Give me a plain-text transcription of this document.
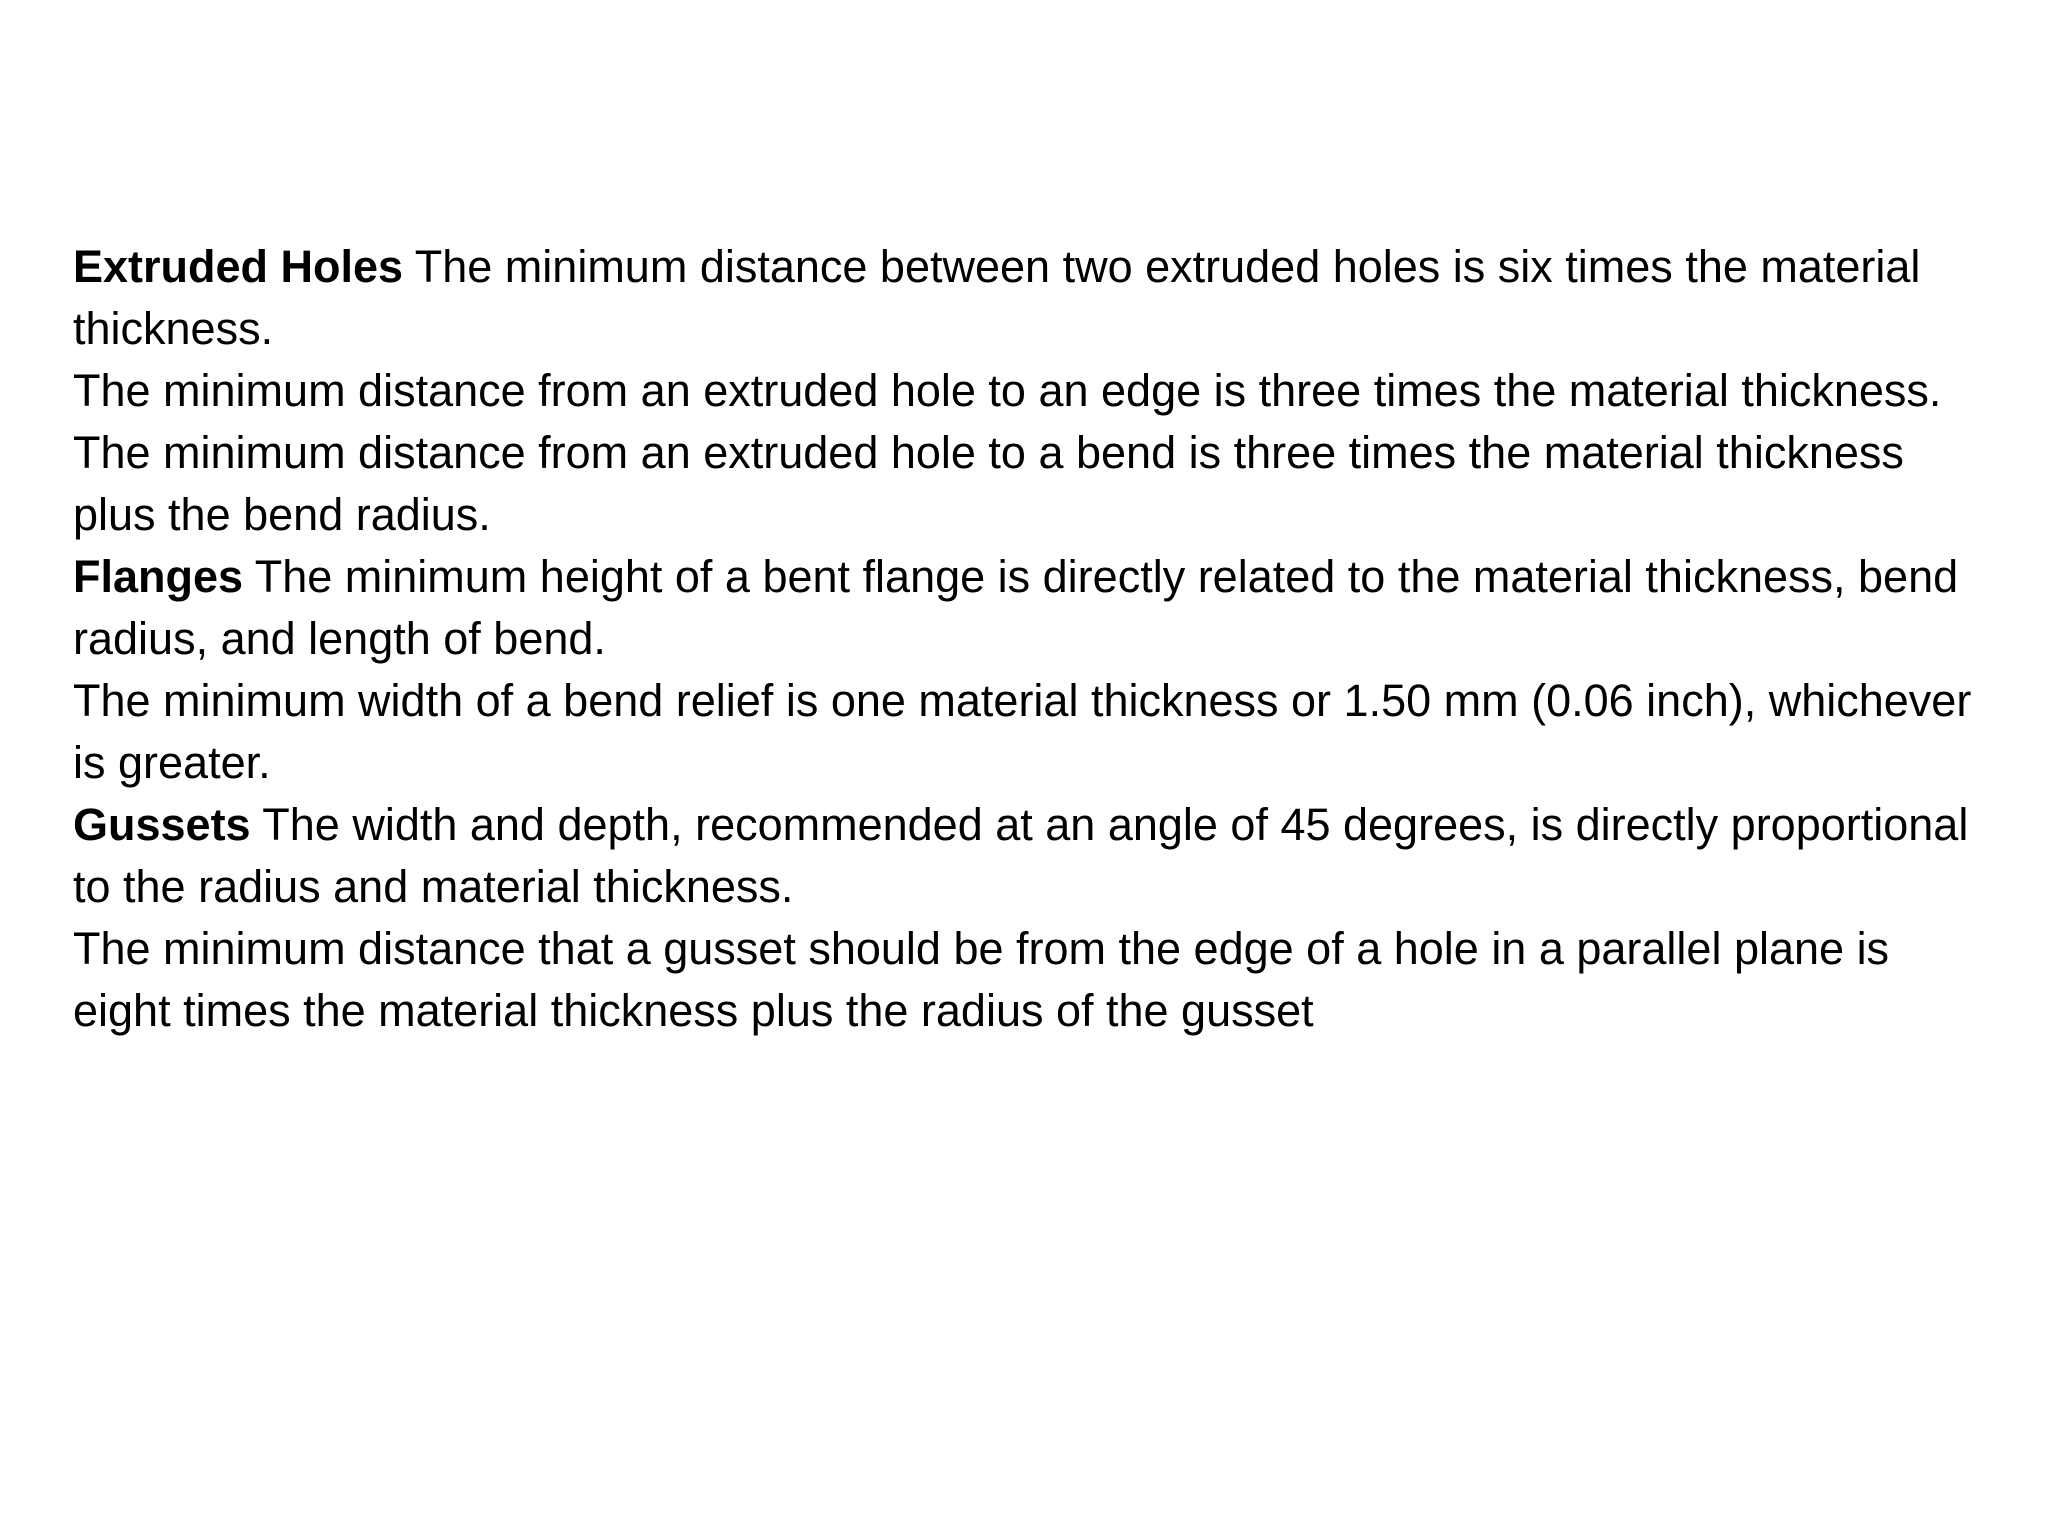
Extruded Holes The minimum distance between two extruded holes is six times the material thickness.

The minimum distance from an extruded hole to an edge is three times the material thickness.

The minimum distance from an extruded hole to a bend is three times the material thickness plus the bend radius.

Flanges The minimum height of a bent flange is directly related to the material thickness, bend radius, and length of bend.

The minimum width of a bend relief is one material thickness or 1.50 mm (0.06 inch), whichever is greater.

Gussets The width and depth, recommended at an angle of 45 degrees, is directly proportional to the radius and material thickness.

The minimum distance that a gusset should be from the edge of a hole in a parallel plane is eight times the material thickness plus the radius of the gusset
